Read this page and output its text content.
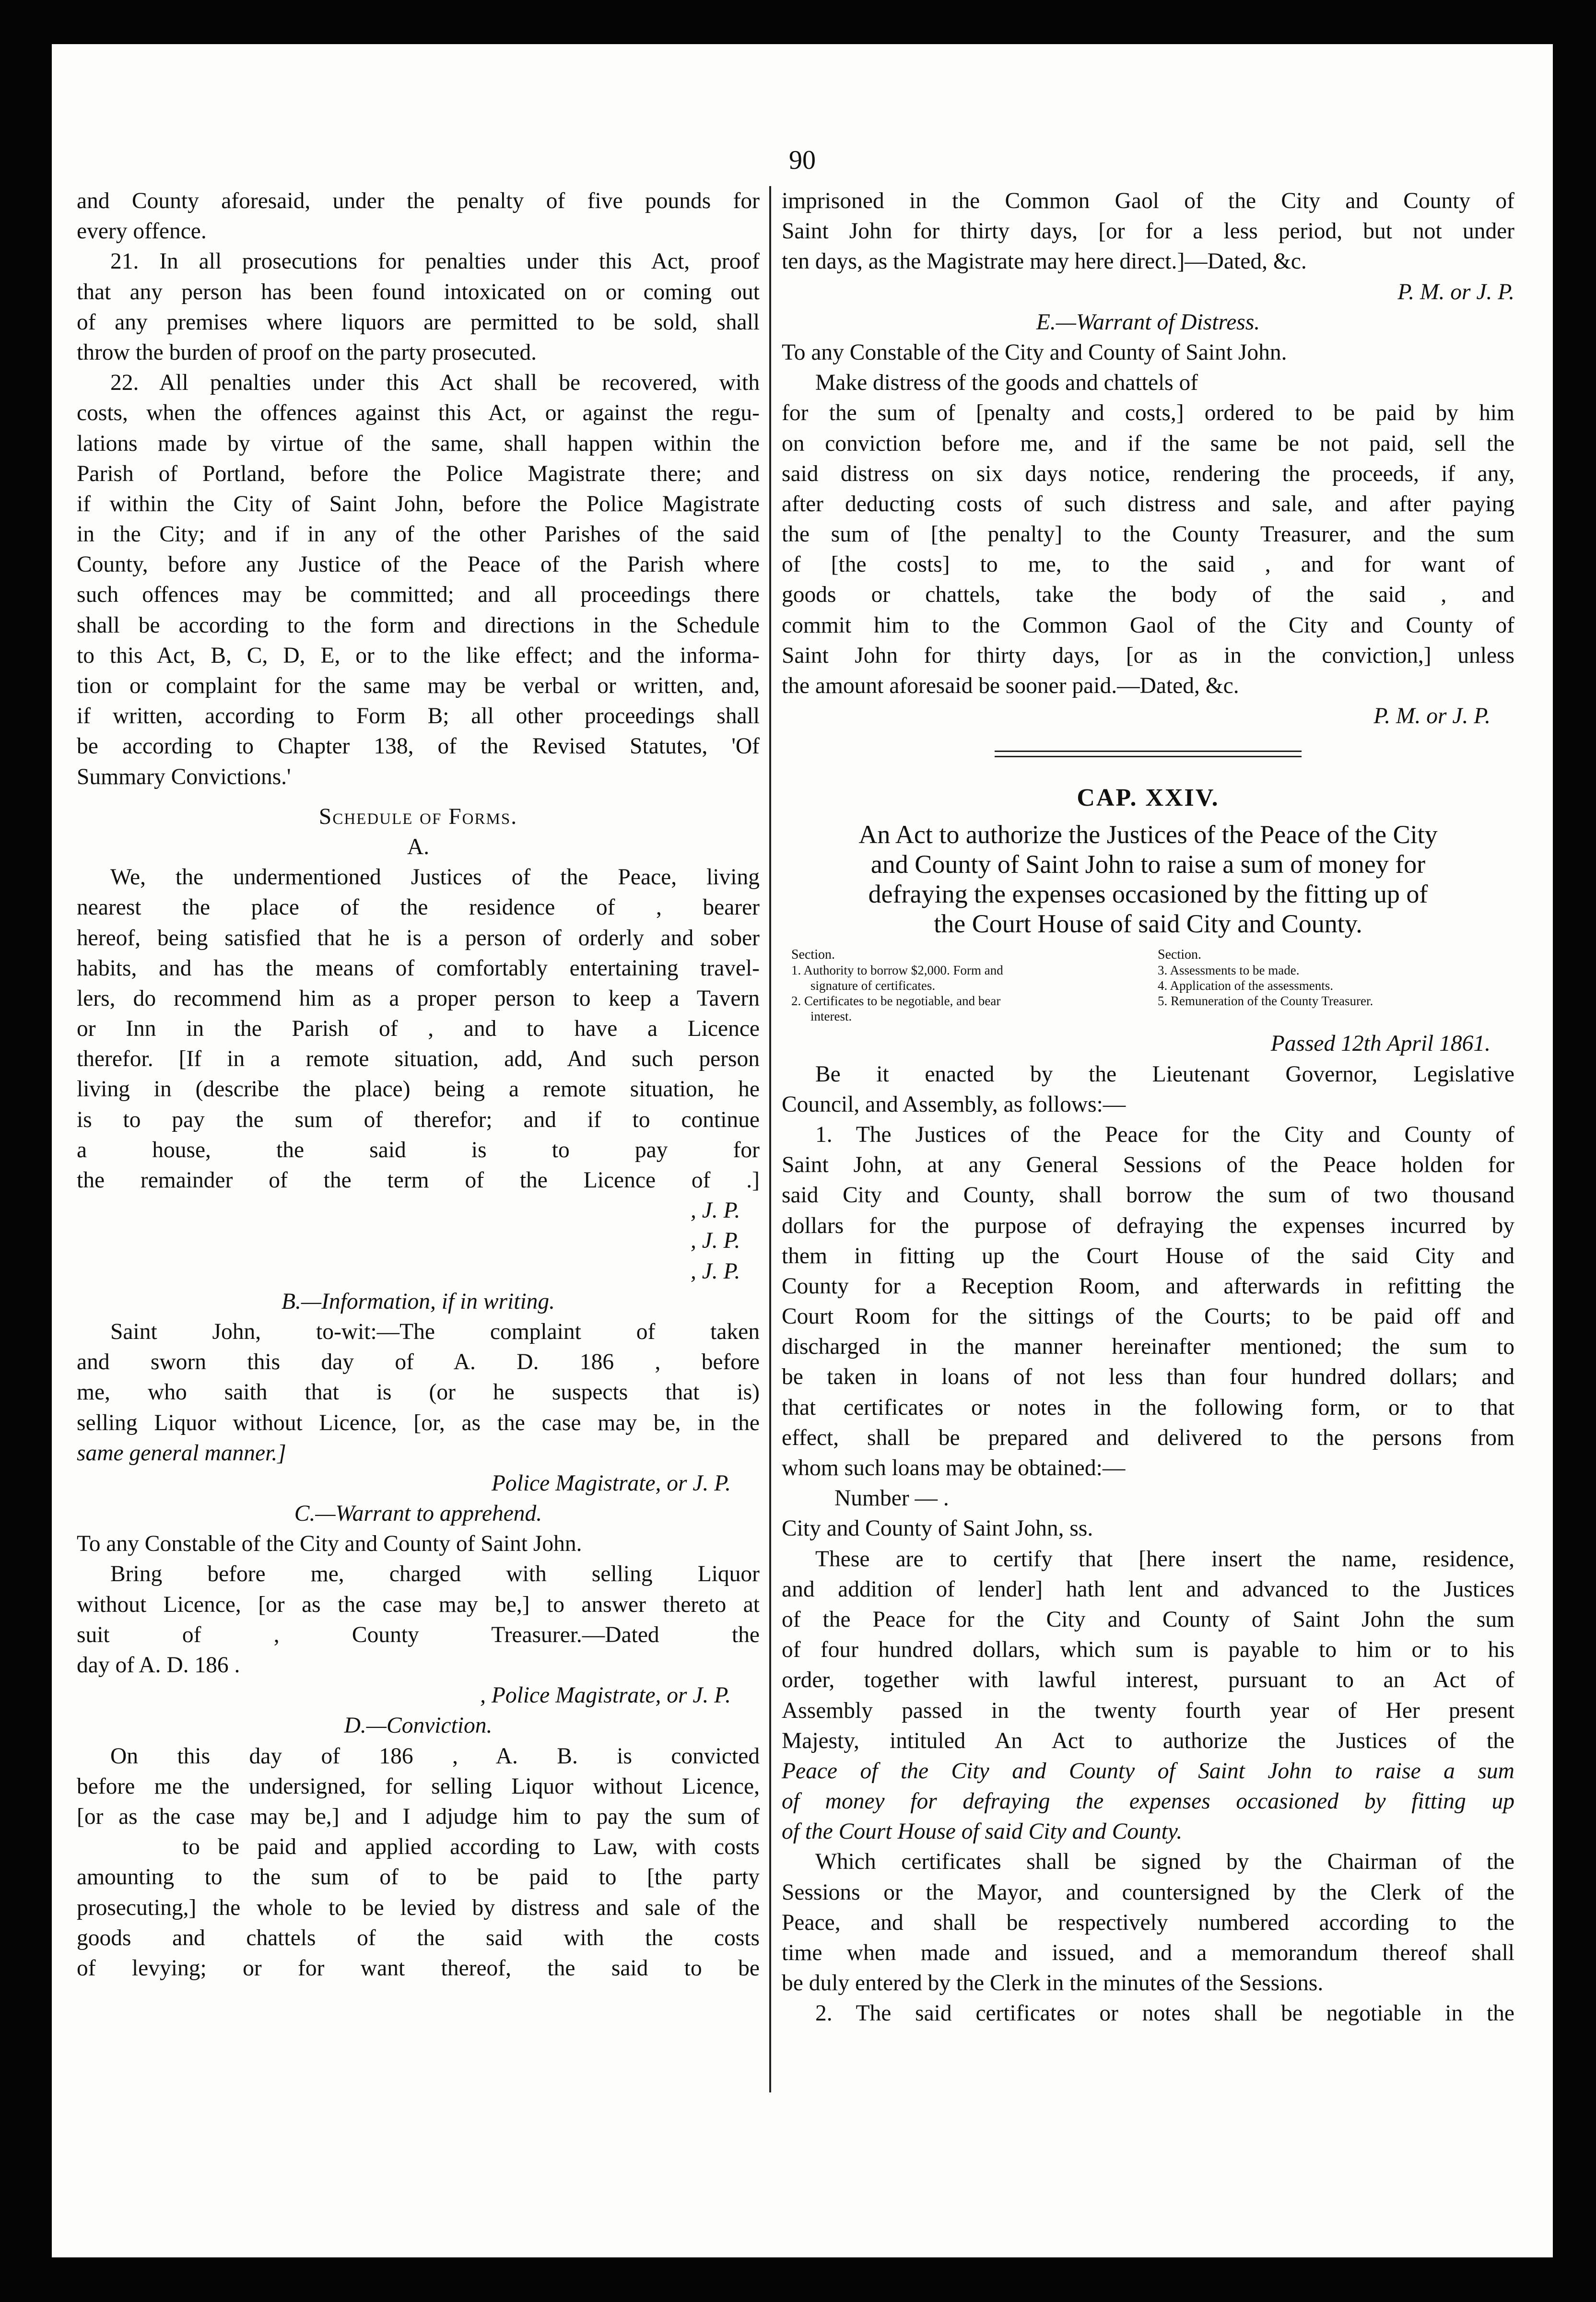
90
and County aforesaid, under the penalty of five pounds for
every offence.
21. In all prosecutions for penalties under this Act, proof
that any person has been found intoxicated on or coming out
of any premises where liquors are permitted to be sold, shall
throw the burden of proof on the party prosecuted.
22. All penalties under this Act shall be recovered, with
costs, when the offences against this Act, or against the regu-
lations made by virtue of the same, shall happen within the
Parish of Portland, before the Police Magistrate there; and
if within the City of Saint John, before the Police Magistrate
in the City; and if in any of the other Parishes of the said
County, before any Justice of the Peace of the Parish where
such offences may be committed; and all proceedings there
shall be according to the form and directions in the Schedule
to this Act, B, C, D, E, or to the like effect; and the informa-
tion or complaint for the same may be verbal or written, and,
if written, according to Form B; all other proceedings shall
be according to Chapter 138, of the Revised Statutes, 'Of
Summary Convictions.'
Schedule of Forms.
A.
We, the undermentioned Justices of the Peace, living
nearest the place of the residence of , bearer
hereof, being satisfied that he is a person of orderly and sober
habits, and has the means of comfortably entertaining travel-
lers, do recommend him as a proper person to keep a Tavern
or Inn in the Parish of , and to have a Licence
therefor. [If in a remote situation, add, And such person
living in (describe the place) being a remote situation, he
is to pay the sum of therefor; and if to continue
a house, the said is to pay for
the remainder of the term of the Licence of .]
, J. P.
, J. P.
, J. P.
B.—Information, if in writing.
Saint John, to-wit:—The complaint of taken
and sworn this day of A. D. 186 , before
me, who saith that is (or he suspects that is)
selling Liquor without Licence, [or, as the case may be, in the
same general manner.]
Police Magistrate, or J. P.
C.—Warrant to apprehend.
To any Constable of the City and County of Saint John.
Bring before me, charged with selling Liquor
without Licence, [or as the case may be,] to answer thereto at
suit of , County Treasurer.—Dated the
day of A. D. 186 .
, Police Magistrate, or J. P.
D.—Conviction.
On this day of 186 , A. B. is convicted
before me the undersigned, for selling Liquor without Licence,
[or as the case may be,] and I adjudge him to pay the sum of
to be paid and applied according to Law, with costs
amounting to the sum of to be paid to [the party
prosecuting,] the whole to be levied by distress and sale of the
goods and chattels of the said with the costs
of levying; or for want thereof, the said to be
imprisoned in the Common Gaol of the City and County of
Saint John for thirty days, [or for a less period, but not under
ten days, as the Magistrate may here direct.]—Dated, &c.
P. M. or J. P.
E.—Warrant of Distress.
To any Constable of the City and County of Saint John.
Make distress of the goods and chattels of
for the sum of [penalty and costs,] ordered to be paid by him
on conviction before me, and if the same be not paid, sell the
said distress on six days notice, rendering the proceeds, if any,
after deducting costs of such distress and sale, and after paying
the sum of [the penalty] to the County Treasurer, and the sum
of [the costs] to me, to the said , and for want of
goods or chattels, take the body of the said , and
commit him to the Common Gaol of the City and County of
Saint John for thirty days, [or as in the conviction,] unless
the amount aforesaid be sooner paid.—Dated, &c.
P. M. or J. P.
CAP. XXIV.
An Act to authorize the Justices of the Peace of the City
and County of Saint John to raise a sum of money for
defraying the expenses occasioned by the fitting up of
the Court House of said City and County.
Section.
1. Authority to borrow $2,000. Form and
signature of certificates.
2. Certificates to be negotiable, and bear
interest.
Section.
3. Assessments to be made.
4. Application of the assessments.
5. Remuneration of the County Treasurer.
Passed 12th April 1861.
Be it enacted by the Lieutenant Governor, Legislative
Council, and Assembly, as follows:—
1. The Justices of the Peace for the City and County of
Saint John, at any General Sessions of the Peace holden for
said City and County, shall borrow the sum of two thousand
dollars for the purpose of defraying the expenses incurred by
them in fitting up the Court House of the said City and
County for a Reception Room, and afterwards in refitting the
Court Room for the sittings of the Courts; to be paid off and
discharged in the manner hereinafter mentioned; the sum to
be taken in loans of not less than four hundred dollars; and
that certificates or notes in the following form, or to that
effect, shall be prepared and delivered to the persons from
whom such loans may be obtained:—
Number — .
City and County of Saint John, ss.
These are to certify that [here insert the name, residence,
and addition of lender] hath lent and advanced to the Justices
of the Peace for the City and County of Saint John the sum
of four hundred dollars, which sum is payable to him or to his
order, together with lawful interest, pursuant to an Act of
Assembly passed in the twenty fourth year of Her present
Majesty, intituled An Act to authorize the Justices of the
Peace of the City and County of Saint John to raise a sum
of money for defraying the expenses occasioned by fitting up
of the Court House of said City and County.
Which certificates shall be signed by the Chairman of the
Sessions or the Mayor, and countersigned by the Clerk of the
Peace, and shall be respectively numbered according to the
time when made and issued, and a memorandum thereof shall
be duly entered by the Clerk in the minutes of the Sessions.
2. The said certificates or notes shall be negotiable in the
